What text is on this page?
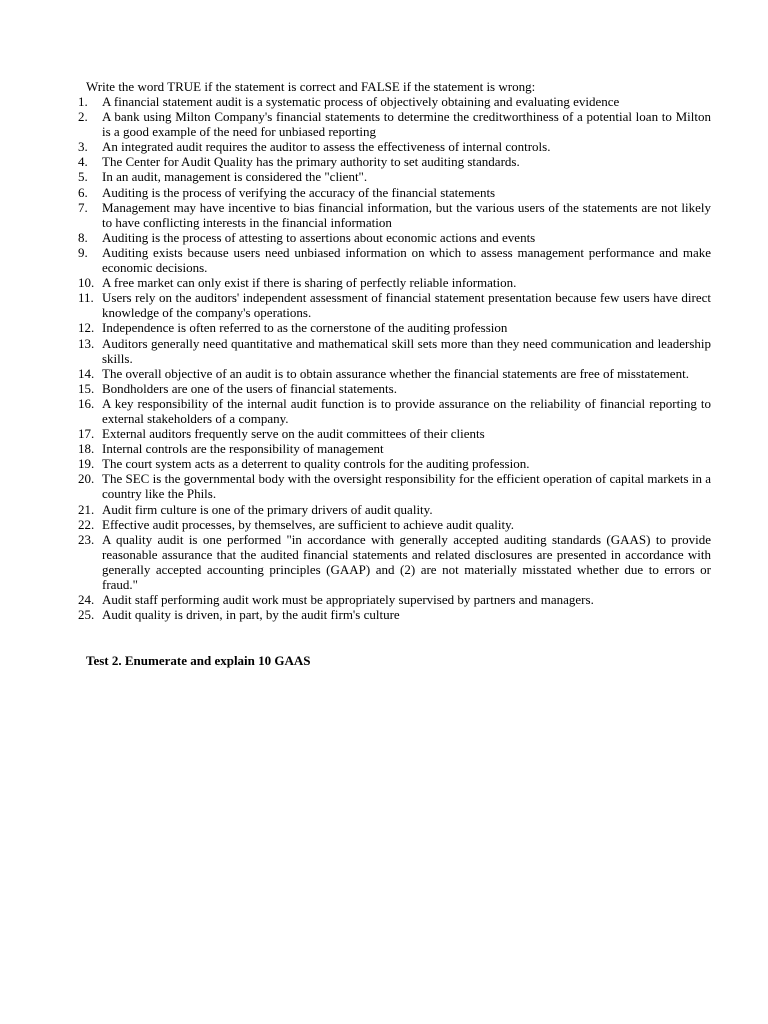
Write the word TRUE if the statement is correct and FALSE if the statement is wrong:
1.	A financial statement audit is a systematic process of objectively obtaining and evaluating evidence
2.	A bank using Milton Company's financial statements to determine the creditworthiness of a potential loan to Milton is a good example of the need for unbiased reporting
3.	An integrated audit requires the auditor to assess the effectiveness of internal controls.
4.	The Center for Audit Quality has the primary authority to set auditing standards.
5.	In an audit, management is considered the "client".
6.	Auditing is the process of verifying the accuracy of the financial statements
7.	Management may have incentive to bias financial information, but the various users of the statements are not likely to have conflicting interests in the financial information
8.	Auditing is the process of attesting to assertions about economic actions and events
9.	Auditing exists because users need unbiased information on which to assess management performance and make economic decisions.
10. A free market can only exist if there is sharing of perfectly reliable information.
11. Users rely on the auditors' independent assessment of financial statement presentation because few users have direct knowledge of the company's operations.
12. Independence is often referred to as the cornerstone of the auditing profession
13. Auditors generally need quantitative and mathematical skill sets more than they need communication and leadership skills.
14. The overall objective of an audit is to obtain assurance whether the financial statements are free of misstatement.
15. Bondholders are one of the users of financial statements.
16. A key responsibility of the internal audit function is to provide assurance on the reliability of financial reporting to external stakeholders of a company.
17. External auditors frequently serve on the audit committees of their clients
18. Internal controls are the responsibility of management
19. The court system acts as a deterrent to quality controls for the auditing profession.
20. The SEC is the governmental body with the oversight responsibility for the efficient operation of capital markets in a country like the Phils.
21. Audit firm culture is one of the primary drivers of audit quality.
22. Effective audit processes, by themselves, are sufficient to achieve audit quality.
23. A quality audit is one performed "in accordance with generally accepted auditing standards (GAAS) to provide reasonable assurance that the audited financial statements and related disclosures are presented in accordance with generally accepted accounting principles (GAAP) and (2) are not materially misstated whether due to errors or fraud."
24. Audit staff performing audit work must be appropriately supervised by partners and managers.
25. Audit quality is driven, in part, by the audit firm's culture
Test 2. Enumerate and explain 10 GAAS
